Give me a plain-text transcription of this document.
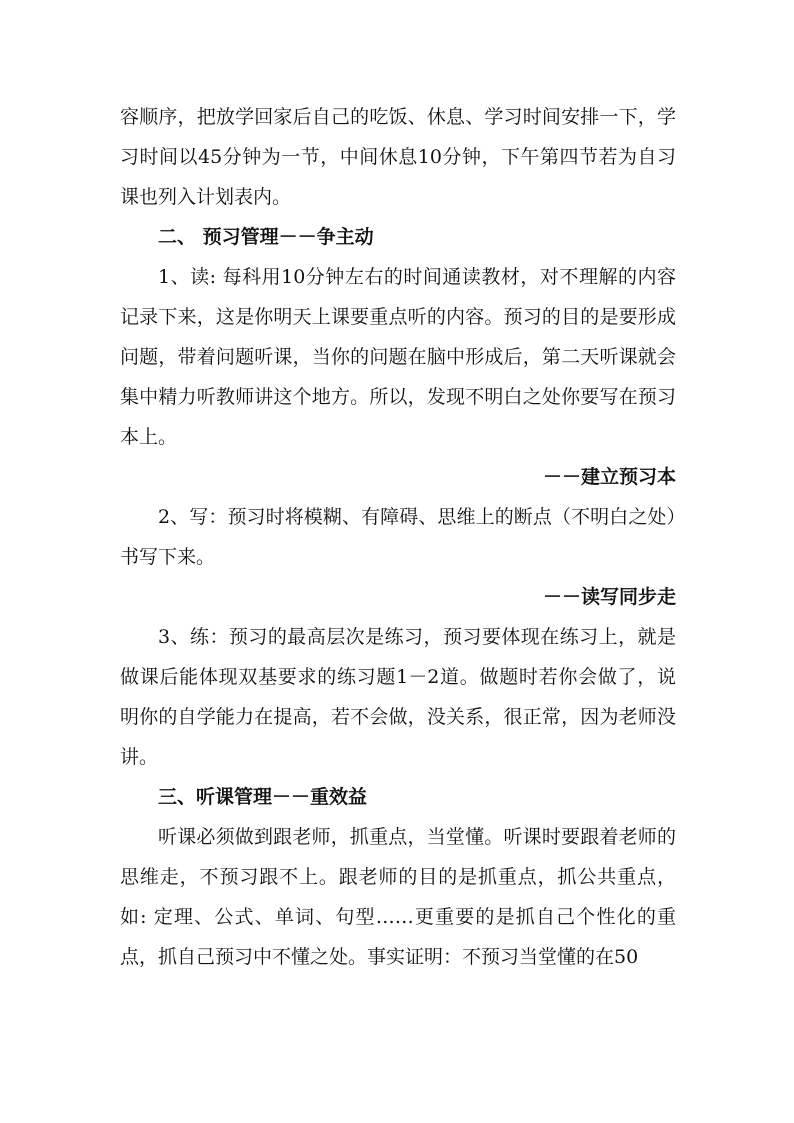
容顺序，把放学回家后自己的吃饭、休息、学习时间安排一下，学习时间以45分钟为一节，中间休息10分钟，下午第四节若为自习课也列入计划表内。

二、 预习管理－－争主动

1、读: 每科用10分钟左右的时间通读教材，对不理解的内容记录下来，这是你明天上课要重点听的内容。预习的目的是要形成问题，带着问题听课，当你的问题在脑中形成后，第二天听课就会集中精力听教师讲这个地方。所以，发现不明白之处你要写在预习本上。

－－建立预习本

2、写：预习时将模糊、有障碍、思维上的断点（不明白之处）书写下来。

－－读写同步走

3、练：预习的最高层次是练习，预习要体现在练习上，就是做课后能体现双基要求的练习题1－2道。做题时若你会做了，说明你的自学能力在提高，若不会做，没关系，很正常，因为老师没讲。

三、听课管理－－重效益

听课必须做到跟老师，抓重点，当堂懂。听课时要跟着老师的思维走，不预习跟不上。跟老师的目的是抓重点，抓公共重点，如: 定理、公式、单词、句型……更重要的是抓自己个性化的重点，抓自己预习中不懂之处。事实证明：不预习当堂懂的在50
